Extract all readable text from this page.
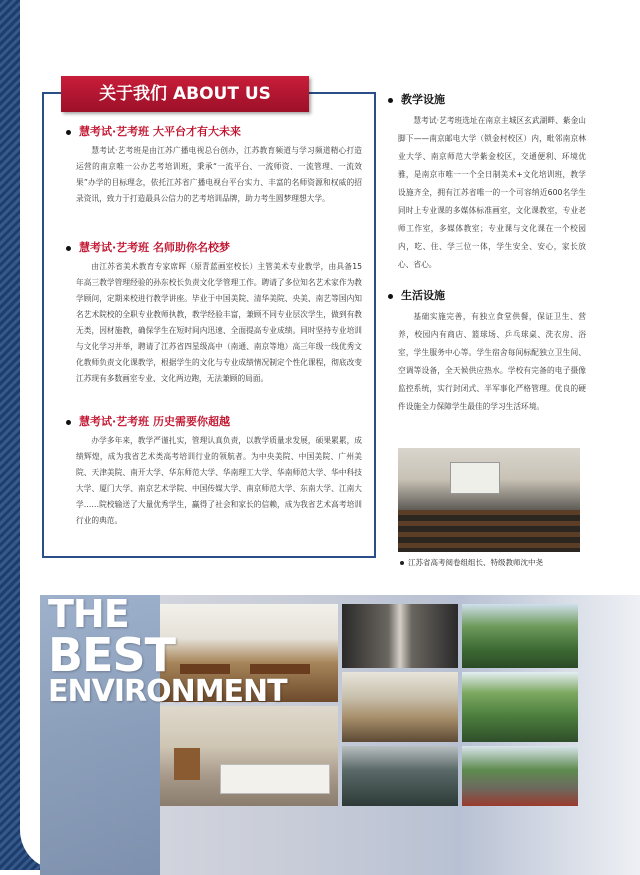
关于我们 ABOUT US
慧考试·艺考班 大平台才有大未来
慧考试·艺考班是由江苏广播电视总台创办，江苏教育频道与学习频道精心打造运营的南京唯一公办艺考培训班，秉承“一流平台、一流师资、一流管理、一流效果”办学的目标理念，依托江苏省广播电视台平台实力、丰富的名师资源和权威的招录资讯，致力于打造最具公信力的艺考培训品牌，助力考生圆梦理想大学。
慧考试·艺考班 名师助你名校梦
由江苏省美术教育专家席晖（原青蓝画室校长）主管美术专业教学，由具备15年高三教学管理经验的孙东校长负责文化学管理工作。聘请了多位知名艺术家作为教学顾问，定期来校进行教学讲座。毕业于中国美院、清华美院、央美、南艺等国内知名艺术院校的全职专业教师执教，教学经验丰富，兼顾不同专业层次学生，做到有教无类，因材施教，确保学生在短时间内迅速、全面提高专业成绩。同时坚持专业培训与文化学习并举，聘请了江苏省四星级高中（南通、南京等地）高三年级一线优秀文化教师负责文化课教学，根据学生的文化与专业成绩情况制定个性化课程，彻底改变江苏现有多数画室专业、文化两边跑，无法兼顾的局面。
慧考试·艺考班 历史需要你超越
办学多年来，教学严谨扎实，管理认真负责，以教学质量求发展，硕果累累，成绩辉煌，成为我省艺术类高考培训行业的领航者。为中央美院、中国美院、广州美院、天津美院、南开大学、华东师范大学、华南理工大学、华南师范大学、华中科技大学、厦门大学、南京艺术学院、中国传媒大学、南京师范大学、东南大学、江南大学……院校输送了大量优秀学生，赢得了社会和家长的信赖，成为我省艺术高考培训行业的典范。
教学设施
慧考试·艺考班选址在南京主城区玄武湖畔、紫金山脚下——南京邮电大学（锁金村校区）内，毗邻南京林业大学、南京师范大学紫金校区，交通便利、环境优雅，是南京市唯一一个全日制美术+文化培训班，教学设施齐全，拥有江苏省唯一的一个可容纳近600名学生同时上专业课的多媒体标准画室，文化课教室，专业老师工作室，多媒体教室；专业课与文化课在一个校园内，吃、住、学三位一体，学生安全、安心，家长放心、省心。
生活设施
基础实施完善，有独立食堂供餐，保证卫生、营养，校园内有商店、篮球场、乒乓球桌、洗衣房、浴室，学生服务中心等。学生宿舍每间标配独立卫生间、空调等设备，全天候供应热水。学校有完备的电子摄像监控系统，实行封闭式、半军事化严格管理。优良的硬件设施全力保障学生最佳的学习生活环境。
江苏省高考阅卷组组长、特级教师沈中尧
THE
BEST
ENVIRONMENT
